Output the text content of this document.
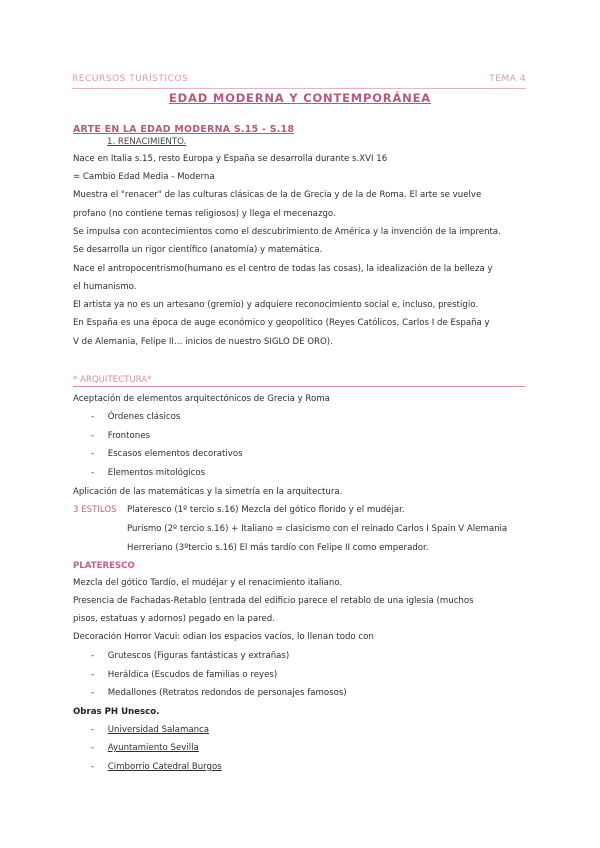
RECURSOS TURÍSTICOS	TEMA 4
EDAD MODERNA Y CONTEMPORÁNEA
ARTE EN LA EDAD MODERNA S.15 - S.18
1. RENACIMIENTO.
Nace en Italia s.15, resto Europa y España se desarrolla durante s.XVI 16
= Cambio Edad Media - Moderna
Muestra el "renacer" de las culturas clásicas de la de Grecia y de la de Roma. El arte se vuelve
profano (no contiene temas religiosos) y llega el mecenazgo.
Se impulsa con acontecimientos como el descubrimiento de América y la invención de la imprenta.
Se desarrolla un rigor científico (anatomía) y matemática.
Nace el antropocentrismo(humano es el centro de todas las cosas), la idealización de la belleza y
el humanismo.
El artista ya no es un artesano (gremio) y adquiere reconocimiento social e, incluso, prestigio.
En España es una época de auge económico y geopolítico (Reyes Católicos, Carlos I de España y
V de Alemania, Felipe II… inicios de nuestro SIGLO DE ORO).
* ARQUITECTURA*
Aceptación de elementos arquitectónicos de Grecia y Roma
-     Órdenes clásicos
-     Frontones
-     Escasos elementos decorativos
-     Elementos mitológicos
Aplicación de las matemáticas y la simetría en la arquitectura.
3 ESTILOS Plateresco (1º tercio s.16) Mezcla del gótico florido y el mudéjar.
Purismo (2º tercio s.16) + Italiano = clasicismo con el reinado Carlos I Spain V Alemania
Herreriano (3ºtercio s.16) El más tardío con Felipe II como emperador.
PLATERESCO
Mezcla del gótico Tardío, el mudéjar y el renacimiento italiano.
Presencia de Fachadas-Retablo (entrada del edificio parece el retablo de una iglesia (muchos
pisos, estatuas y adornos) pegado en la pared.
Decoración Horror Vacui: odian los espacios vacíos, lo llenan todo con
-     Grutescos (Figuras fantásticas y extrañas)
-     Heráldica (Escudos de familias o reyes)
-     Medallones (Retratos redondos de personajes famosos)
Obras PH Unesco.
-     Universidad Salamanca
-     Ayuntamiento Sevilla
-     Cimborrio Catedral Burgos
